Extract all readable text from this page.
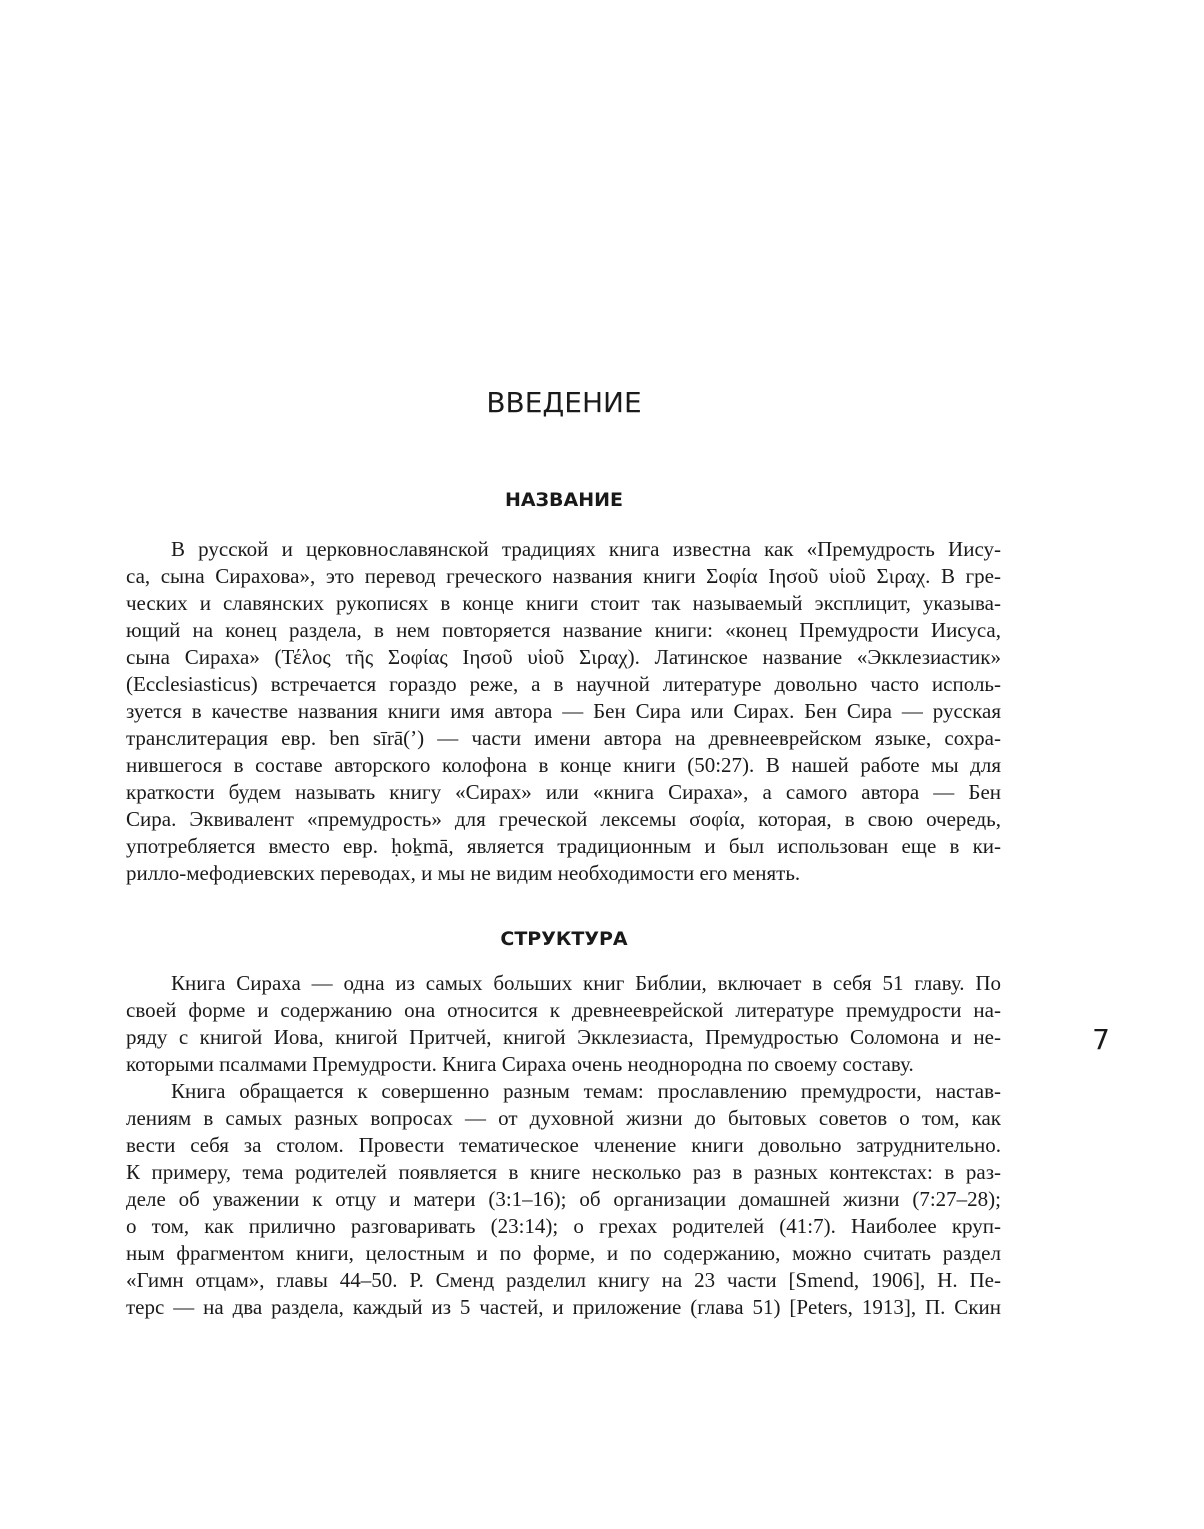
ВВЕДЕНИЕ
НАЗВАНИЕ
В русской и церковнославянской традициях книга известна как «Премудрость Иису-
са, сына Сирахова», это перевод греческого названия книги Σοφία Ιησοῦ υἱοῦ Σιραχ. В гре-
ческих и славянских рукописях в конце книги стоит так называемый эксплицит, указыва-
ющий на конец раздела, в нем повторяется название книги: «конец Премудрости Иисуса,
сына Сираха» (Τέλος τῆς Σοφίας Ιησοῦ υἱοῦ Σιραχ). Латинское название «Экклезиастик»
(Ecclesiasticus) встречается гораздо реже, а в научной литературе довольно часто исполь-
зуется в качестве названия книги имя автора — Бен Сира или Сирах. Бен Сира — русская
транслитерация евр. ben sīrā(’) — части имени автора на древнееврейском языке, сохра-
нившегося в составе авторского колофона в конце книги (50:27). В нашей работе мы для
краткости будем называть книгу «Сирах» или «книга Сираха», а самого автора — Бен
Сира. Эквивалент «премудрость» для греческой лексемы σοφία, которая, в свою очередь,
употребляется вместо евр. ḥoḵmā, является традиционным и был использован еще в ки-
рилло-мефодиевских переводах, и мы не видим необходимости его менять.
СТРУКТУРА
Книга Сираха — одна из самых больших книг Библии, включает в себя 51 главу. По
своей форме и содержанию она относится к древнееврейской литературе премудрости на-
ряду с книгой Иова, книгой Притчей, книгой Экклезиаста, Премудростью Соломона и не-
которыми псалмами Премудрости. Книга Сираха очень неоднородна по своему составу.
Книга обращается к совершенно разным темам: прославлению премудрости, настав-
лениям в самых разных вопросах — от духовной жизни до бытовых советов о том, как
вести себя за столом. Провести тематическое членение книги довольно затруднительно.
К примеру, тема родителей появляется в книге несколько раз в разных контекстах: в раз-
деле об уважении к отцу и матери (3:1–16); об организации домашней жизни (7:27–28);
о том, как прилично разговаривать (23:14); о грехах родителей (41:7). Наиболее круп-
ным фрагментом книги, целостным и по форме, и по содержанию, можно считать раздел
«Гимн отцам», главы 44–50. Р. Сменд разделил книгу на 23 части [Smend, 1906], Н. Пе-
терс — на два раздела, каждый из 5 частей, и приложение (глава 51) [Peters, 1913], П. Скин

7
